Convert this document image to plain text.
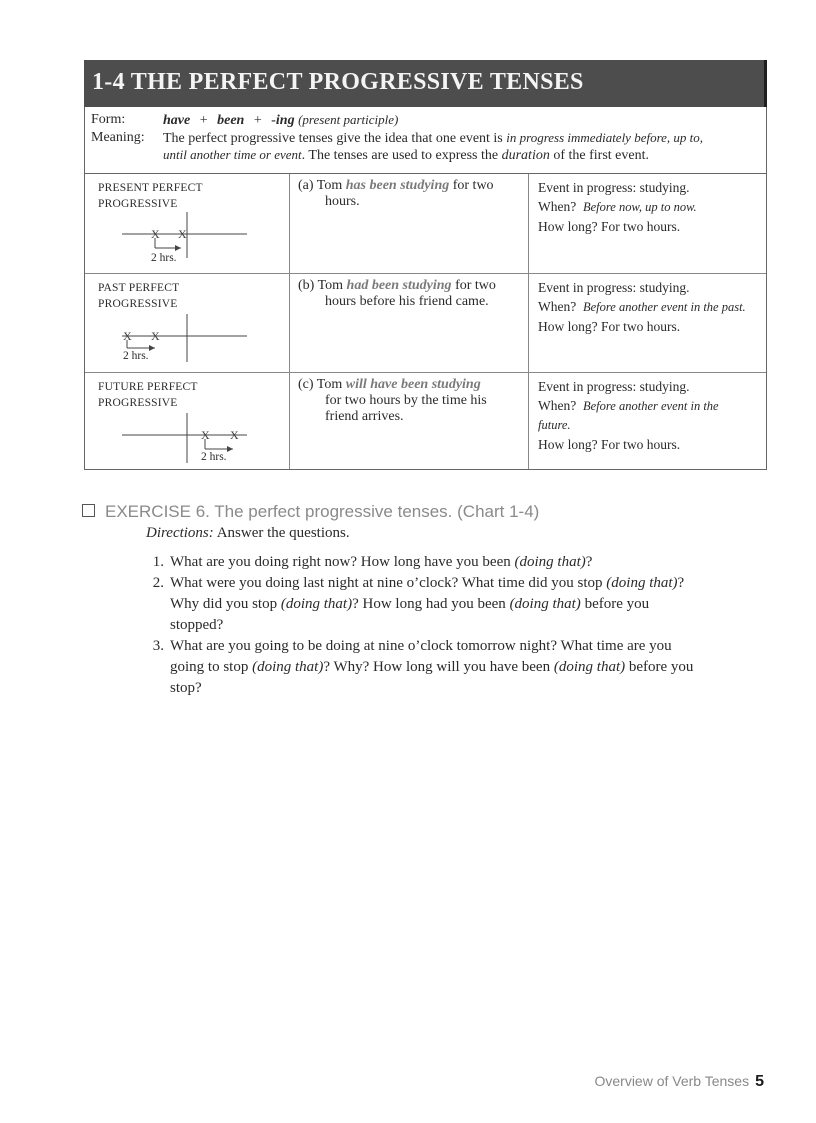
1-4 THE PERFECT PROGRESSIVE TENSES
Form:	have + been + -ing (present participle)
Meaning: The perfect progressive tenses give the idea that one event is in progress immediately before, up to,
until another time or event. The tenses are used to express the duration of the first event.
PRESENT PERFECT
PROGRESSIVE
X X
2 hrs.
(a) Tom has been studying for two
hours.
Event in progress: studying.
When? Before now, up to now.
How long? For two hours.
PAST PERFECT
PROGRESSIVE
X X
2 hrs.
(b) Tom had been studying for two
hours before his friend came.
Event in progress: studying.
When? Before another event in the past.
How long? For two hours.
FUTURE PERFECT
PROGRESSIVE
X X
2 hrs.
(c) Tom will have been studying
for two hours by the time his
friend arrives.
Event in progress: studying.
When? Before another event in the
future.
How long? For two hours.
EXERCISE 6. The perfect progressive tenses. (Chart 1-4)
Directions: Answer the questions.
1. What are you doing right now? How long have you been (doing that)?
2. What were you doing last night at nine o’clock? What time did you stop (doing that)?
Why did you stop (doing that)? How long had you been (doing that) before you
stopped?
3. What are you going to be doing at nine o’clock tomorrow night? What time are you
going to stop (doing that)? Why? How long will you have been (doing that) before you
stop?
Overview of Verb Tenses 5
